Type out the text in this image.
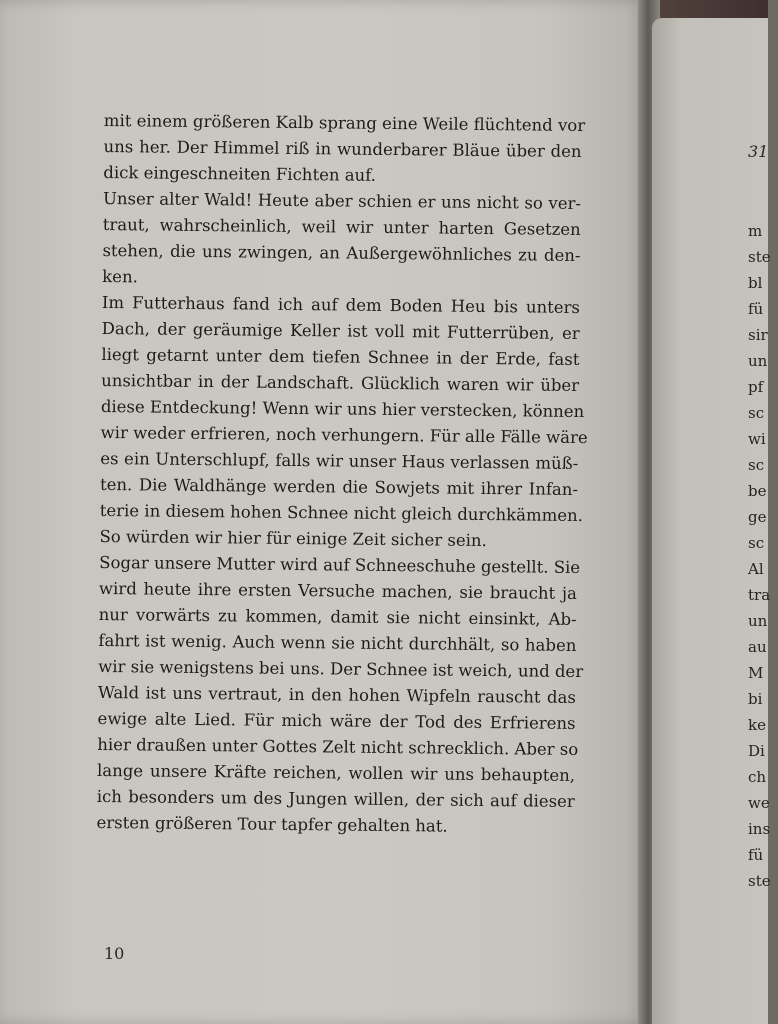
mit einem größeren Kalb sprang eine Weile flüchtend vor
uns her. Der Himmel riß in wunderbarer Bläue über den
dick eingeschneiten Fichten auf.
Unser alter Wald! Heute aber schien er uns nicht so ver-
traut, wahrscheinlich, weil wir unter harten Gesetzen
stehen, die uns zwingen, an Außergewöhnliches zu den-
ken.
Im Futterhaus fand ich auf dem Boden Heu bis unters
Dach, der geräumige Keller ist voll mit Futterrüben, er
liegt getarnt unter dem tiefen Schnee in der Erde, fast
unsichtbar in der Landschaft. Glücklich waren wir über
diese Entdeckung! Wenn wir uns hier verstecken, können
wir weder erfrieren, noch verhungern. Für alle Fälle wäre
es ein Unterschlupf, falls wir unser Haus verlassen müß-
ten. Die Waldhänge werden die Sowjets mit ihrer Infan-
terie in diesem hohen Schnee nicht gleich durchkämmen.
So würden wir hier für einige Zeit sicher sein.
Sogar unsere Mutter wird auf Schneeschuhe gestellt. Sie
wird heute ihre ersten Versuche machen, sie braucht ja
nur vorwärts zu kommen, damit sie nicht einsinkt, Ab-
fahrt ist wenig. Auch wenn sie nicht durchhält, so haben
wir sie wenigstens bei uns. Der Schnee ist weich, und der
Wald ist uns vertraut, in den hohen Wipfeln rauscht das
ewige alte Lied. Für mich wäre der Tod des Erfrierens
hier draußen unter Gottes Zelt nicht schrecklich. Aber so
lange unsere Kräfte reichen, wollen wir uns behaupten,
ich besonders um des Jungen willen, der sich auf dieser
ersten größeren Tour tapfer gehalten hat.
10
31
m
ste
bl
fü
sir
un
pf
sc
wi
sc
be
ge
sc
Al
tra
un
au
M
bi
ke
Di
ch
we
ins
fü
ste
